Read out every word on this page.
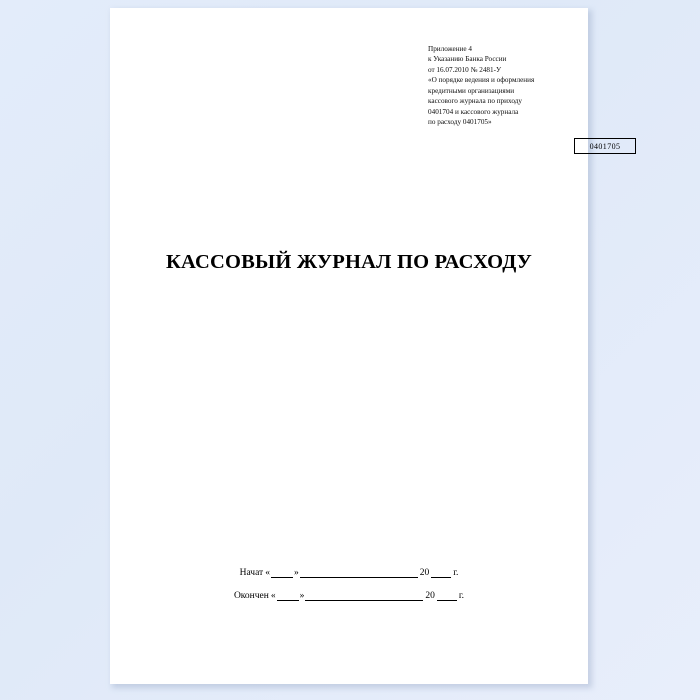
Приложение 4
к Указанию Банка России
от 16.07.2010 № 2481-У
«О порядке ведения и оформления
кредитными организациями
кассового журнала по приходу
0401704 и кассового журнала
по расходу 0401705»
0401705
КАССОВЫЙ ЖУРНАЛ ПО РАСХОДУ
Начат «	»	20	г.
Окончен «	»	20	г.
